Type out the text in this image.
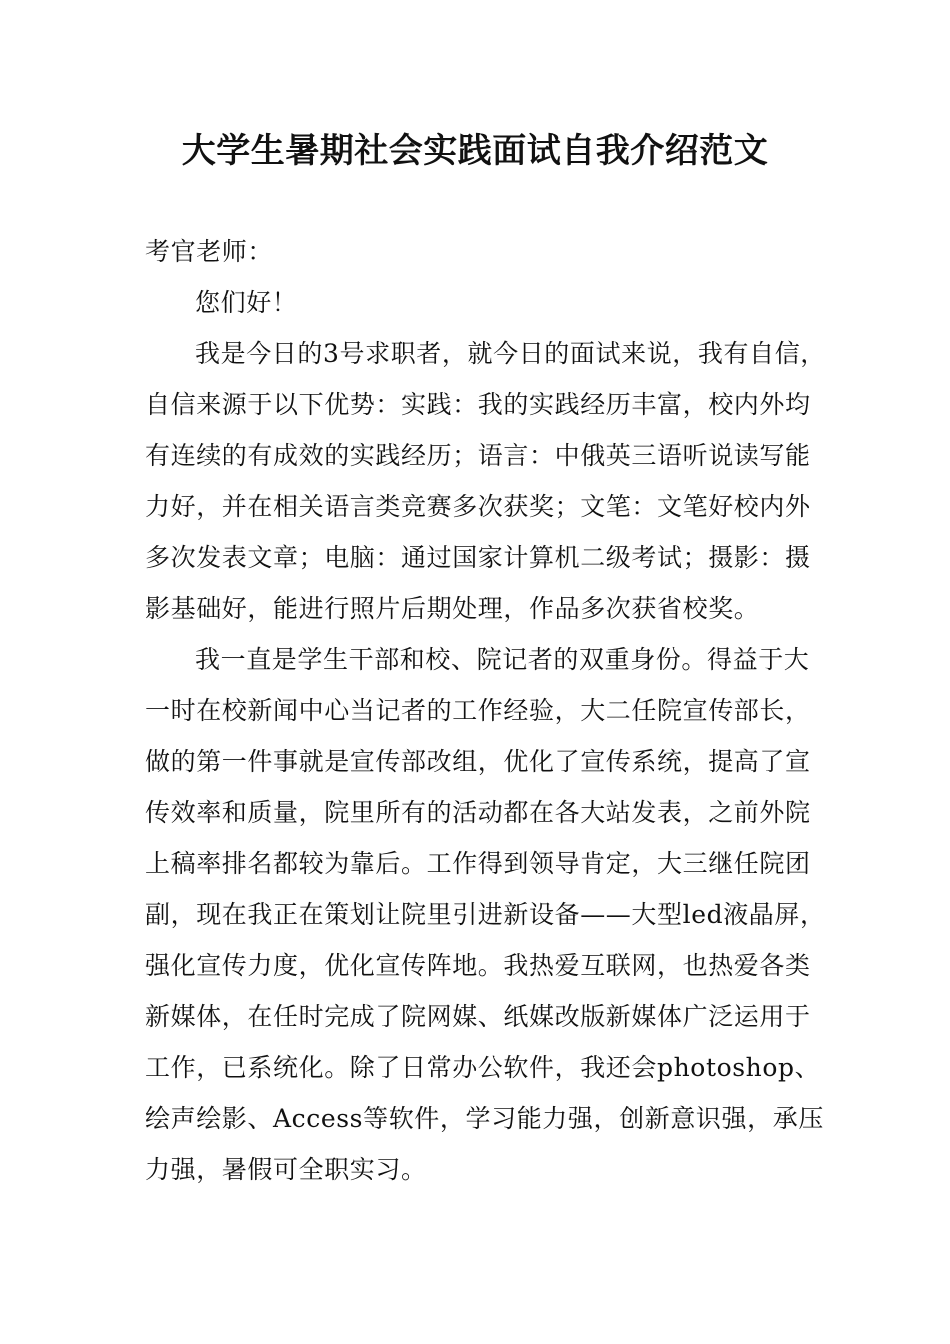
大学生暑期社会实践面试自我介绍范文

考官老师：

您们好！

我是今日的3号求职者，就今日的面试来说，我有自信，自信来源于以下优势：实践：我的实践经历丰富，校内外均有连续的有成效的实践经历；语言：中俄英三语听说读写能力好，并在相关语言类竞赛多次获奖；文笔：文笔好校内外多次发表文章；电脑：通过国家计算机二级考试；摄影：摄影基础好，能进行照片后期处理，作品多次获省校奖。

我一直是学生干部和校、院记者的双重身份。得益于大一时在校新闻中心当记者的工作经验，大二任院宣传部长，做的第一件事就是宣传部改组，优化了宣传系统，提高了宣传效率和质量，院里所有的活动都在各大站发表，之前外院上稿率排名都较为靠后。工作得到领导肯定，大三继任院团副，现在我正在策划让院里引进新设备——大型led液晶屏，强化宣传力度，优化宣传阵地。我热爱互联网，也热爱各类新媒体，在任时完成了院网媒、纸媒改版新媒体广泛运用于工作，已系统化。除了日常办公软件，我还会photoshop、绘声绘影、Access等软件，学习能力强，创新意识强，承压力强，暑假可全职实习。
